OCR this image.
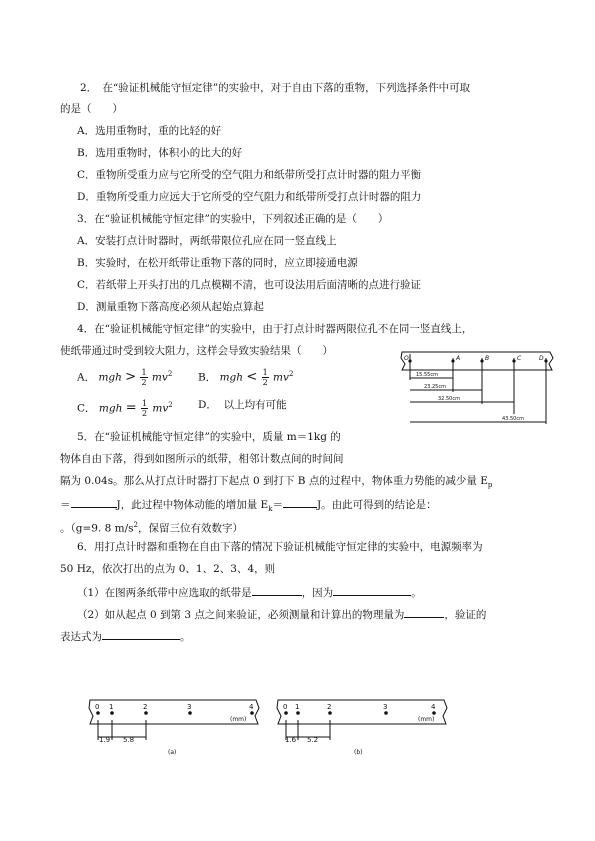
2．　在“验证机械能守恒定律”的实验中，对于自由下落的重物，下列选择条件中可取
的是（　　）
A．选用重物时，重的比轻的好
B．选用重物时，体积小的比大的好
C．重物所受重力应与它所受的空气阻力和纸带所受打点计时器的阻力平衡
D．重物所受重力应远大于它所受的空气阻力和纸带所受打点计时器的阻力
3．在“验证机械能守恒定律”的实验中，下列叙述正确的是（　　）
A．安装打点计时器时，两纸带限位孔应在同一竖直线上
B．实验时，在松开纸带让重物下落的同时，应立即接通电源
C．若纸带上开头打出的几点模糊不清，也可设法用后面清晰的点进行验证
D．测量重物下落高度必须从起始点算起
4．在“验证机械能守恒定律”的实验中，由于打点计时器两限位孔不在同一竖直线上，
使纸带通过时受到较大阻力，这样会导致实验结果（　　）
A． mgh > $\frac{1}{2} mv^2$ B． mgh < $\frac{1}{2} mv^2$
C． mgh = $\frac{1}{2} mv^2$ D． 以上均有可能
O	A	B	C	D
15.55cm
23.25cm
32.50cm
43.50cm
5．在“验证机械能守恒定律”的实验中，质量 m＝1kg 的
物体自由下落，得到如图所示的纸带，相邻计数点间的时间间
隔为 0.04s。那么从打点计时器打下起点 0 到打下 B 点的过程中，物体重力势能的减少量 $E_p$
＝	J，此过程中物体动能的增加量 $E_k=$	J。由此可得到的结论是：
。（g=9. 8 $m/s^2$，保留三位有效数字）
6．用打点计时器和重物在自由下落的情况下验证机械能守恒定律的实验中，电源频率为
50 Hz，依次打出的点为 0、1、2、3、4，则
（1）在图两条纸带中应选取的纸带是	，因为	。
（2）如从起点 0 到第 3 点之间来验证，必须测量和计算出的物理量为	，验证的
表达式为	。
0 1	2	3	4
(mm)
1.9 5.8
(a)
0 1	2	3	4
(mm)
1.6 5.2
(b)
